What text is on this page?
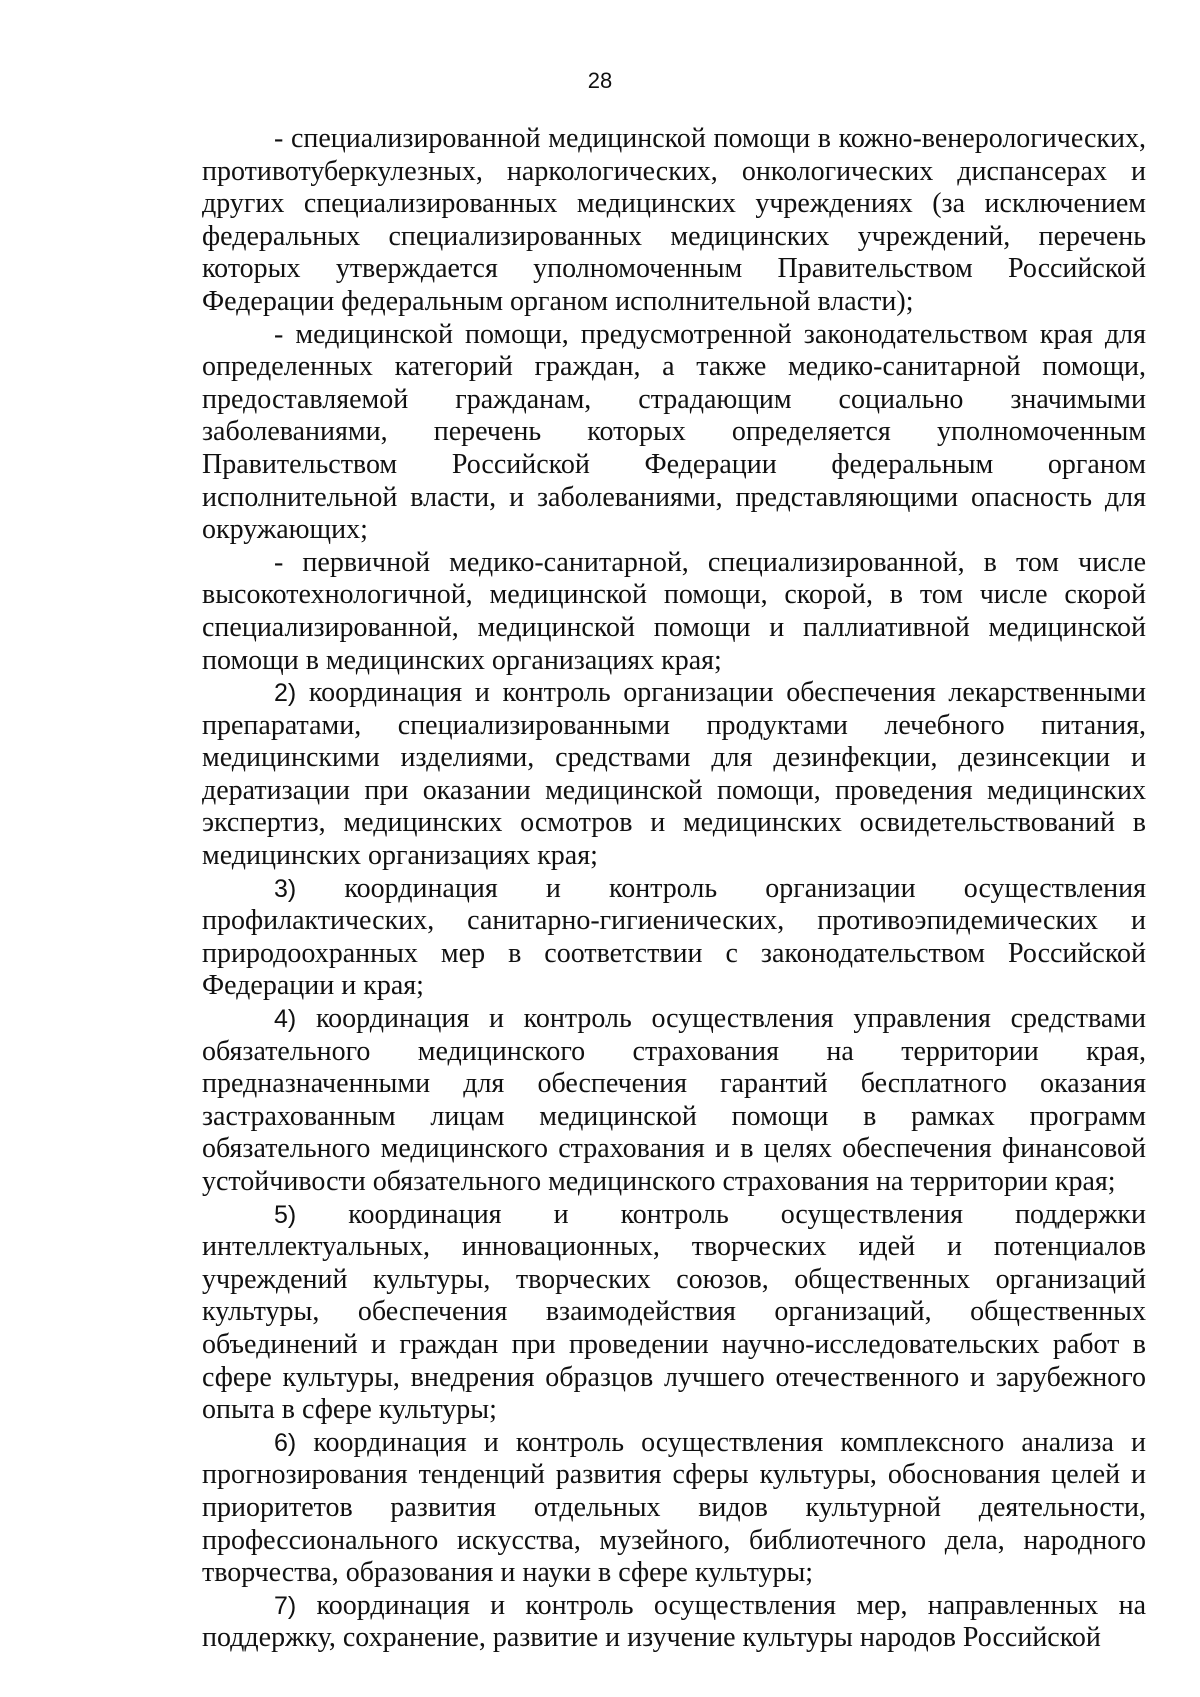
28

- специализированной медицинской помощи в кожно-венерологических, противотуберкулезных, наркологических, онкологических диспансерах и других специализированных медицинских учреждениях (за исключением федеральных специализированных медицинских учреждений, перечень которых утверждается уполномоченным Правительством Российской Федерации федеральным органом исполнительной власти);

- медицинской помощи, предусмотренной законодательством края для определенных категорий граждан, а также медико-санитарной помощи, предоставляемой гражданам, страдающим социально значимыми заболеваниями, перечень которых определяется уполномоченным Правительством Российской Федерации федеральным органом исполнительной власти, и заболеваниями, представляющими опасность для окружающих;

- первичной медико-санитарной, специализированной, в том числе высокотехнологичной, медицинской помощи, скорой, в том числе скорой специализированной, медицинской помощи и паллиативной медицинской помощи в медицинских организациях края;

2) координация и контроль организации обеспечения лекарственными препаратами, специализированными продуктами лечебного питания, медицинскими изделиями, средствами для дезинфекции, дезинсекции и дератизации при оказании медицинской помощи, проведения медицинских экспертиз, медицинских осмотров и медицинских освидетельствований в медицинских организациях края;

3) координация и контроль организации осуществления профилактических, санитарно-гигиенических, противоэпидемических и природоохранных мер в соответствии с законодательством Российской Федерации и края;

4) координация и контроль осуществления управления средствами обязательного медицинского страхования на территории края, предназначенными для обеспечения гарантий бесплатного оказания застрахованным лицам медицинской помощи в рамках программ обязательного медицинского страхования и в целях обеспечения финансовой устойчивости обязательного медицинского страхования на территории края;

5) координация и контроль осуществления поддержки интеллектуальных, инновационных, творческих идей и потенциалов учреждений культуры, творческих союзов, общественных организаций культуры, обеспечения взаимодействия организаций, общественных объединений и граждан при проведении научно-исследовательских работ в сфере культуры, внедрения образцов лучшего отечественного и зарубежного опыта в сфере культуры;

6) координация и контроль осуществления комплексного анализа и прогнозирования тенденций развития сферы культуры, обоснования целей и приоритетов развития отдельных видов культурной деятельности, профессионального искусства, музейного, библиотечного дела, народного творчества, образования и науки в сфере культуры;

7) координация и контроль осуществления мер, направленных на поддержку, сохранение, развитие и изучение культуры народов Российской
